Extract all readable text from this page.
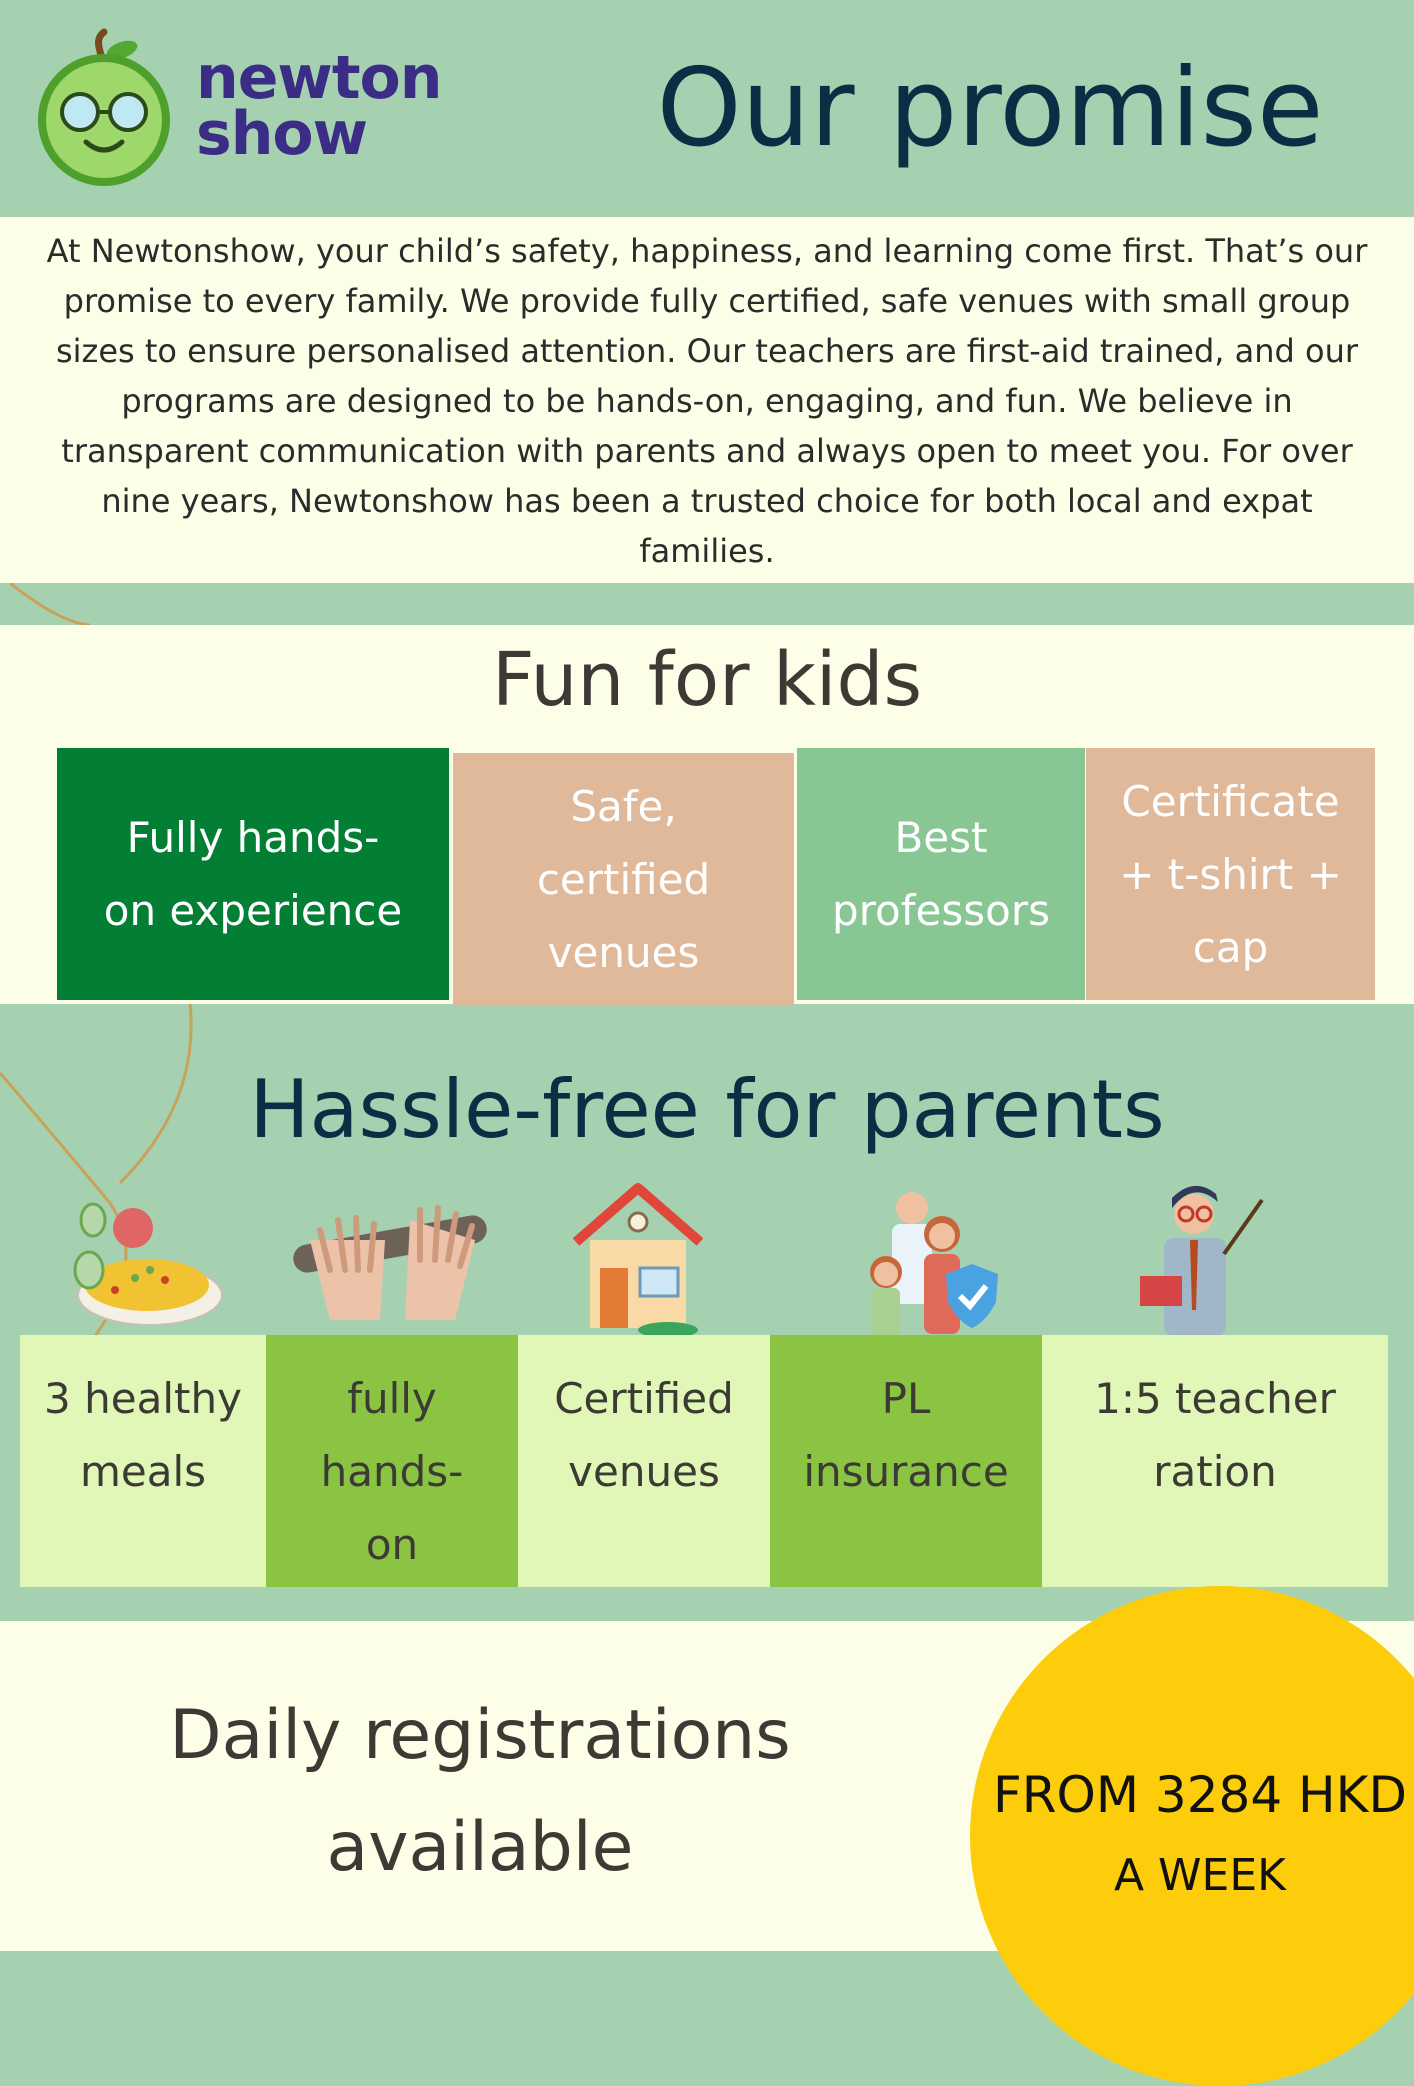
newton
show	Our promise
At Newtonshow, your child’s safety, happiness, and learning come first. That’s our promise to every family. We provide fully certified, safe venues with small group sizes to ensure personalised attention. Our teachers are first-aid trained, and our programs are designed to be hands-on, engaging, and fun. We believe in transparent communication with parents and always open to meet you. For over nine years, Newtonshow has been a trusted choice for both local and expat families.
Fun for kids
Fully hands-on experience
Safe, certified venues
Best professors
Certificate + t-shirt + cap
Hassle-free for parents
3 healthy meals
fully hands-on
Certified venues
PL insurance
1:5 teacher ration
Daily registrations available
FROM 3284 HKD
A WEEK
